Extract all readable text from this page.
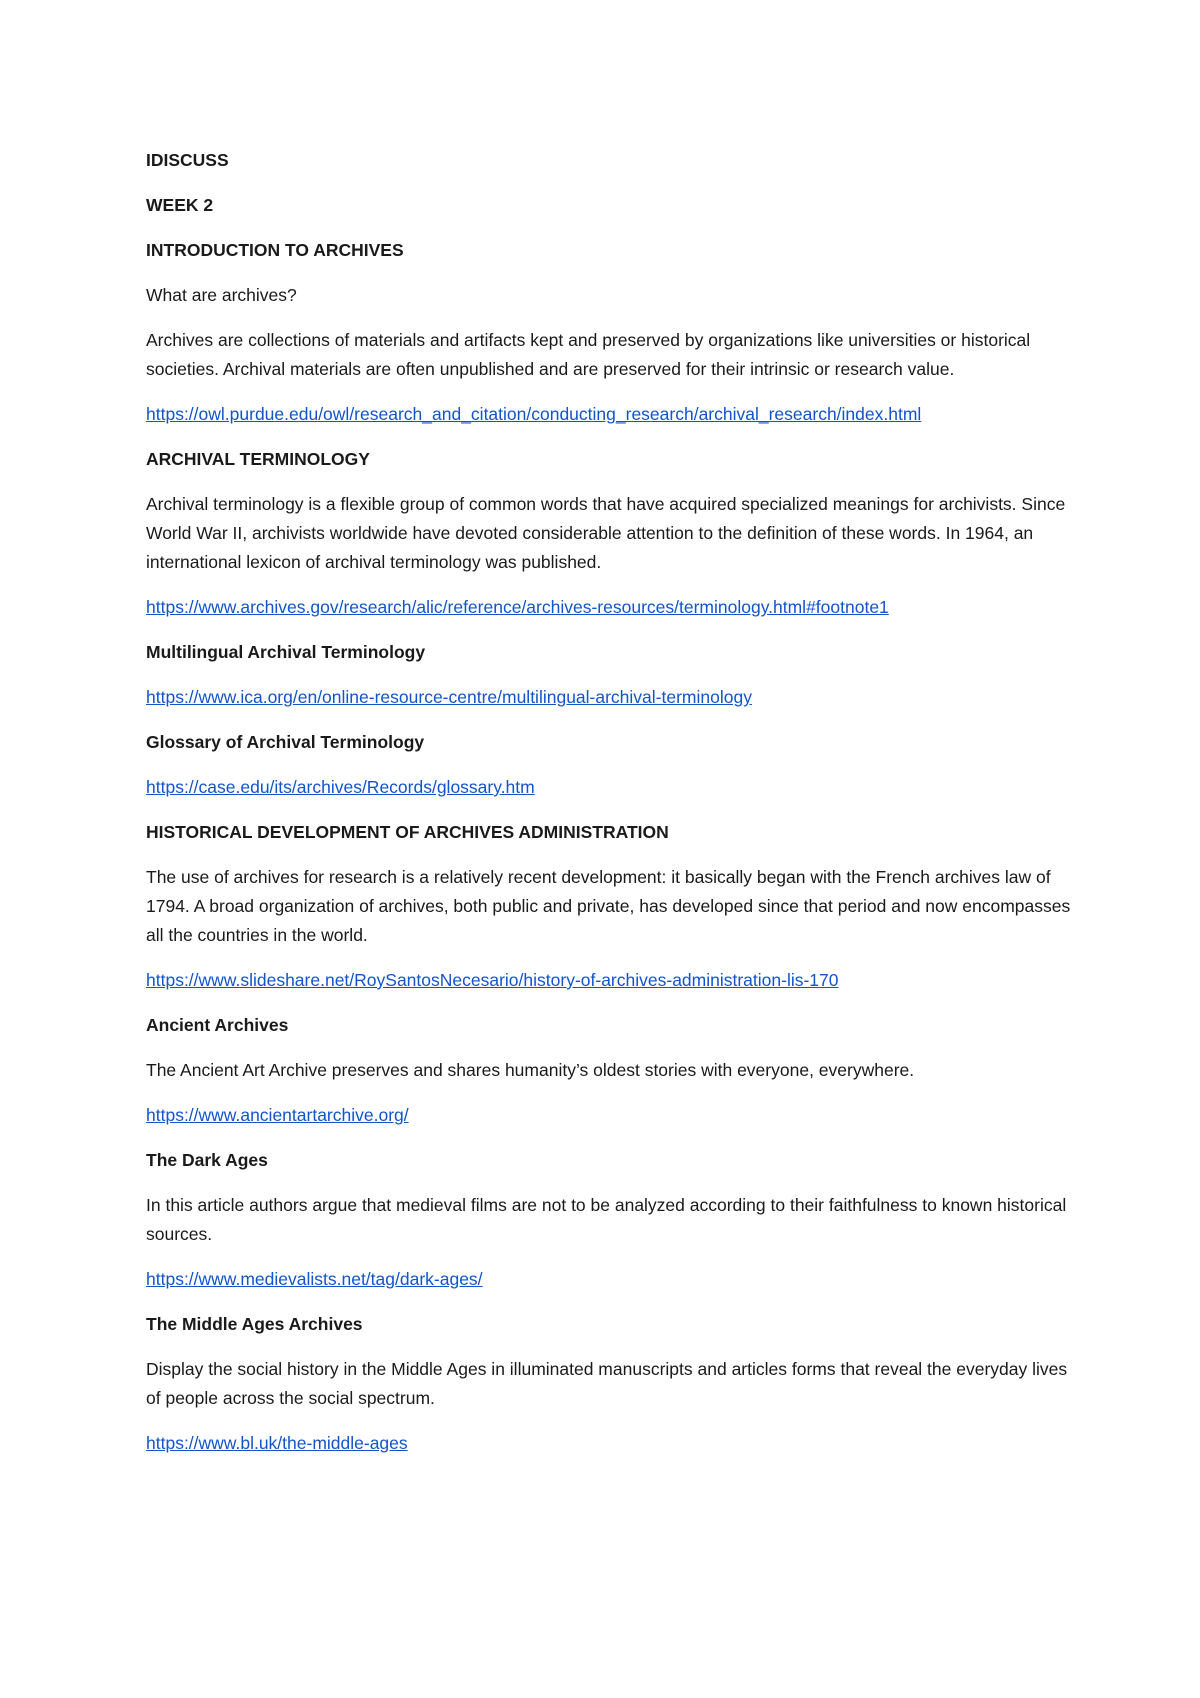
IDISCUSS

WEEK 2

INTRODUCTION TO ARCHIVES

What are archives?

Archives are collections of materials and artifacts kept and preserved by organizations like universities or historical societies. Archival materials are often unpublished and are preserved for their intrinsic or research value.

https://owl.purdue.edu/owl/research_and_citation/conducting_research/archival_research/index.html

ARCHIVAL TERMINOLOGY

Archival terminology is a flexible group of common words that have acquired specialized meanings for archivists. Since World War II, archivists worldwide have devoted considerable attention to the definition of these words. In 1964, an international lexicon of archival terminology was published.

https://www.archives.gov/research/alic/reference/archives-resources/terminology.html#footnote1

Multilingual Archival Terminology

https://www.ica.org/en/online-resource-centre/multilingual-archival-terminology

Glossary of Archival Terminology

https://case.edu/its/archives/Records/glossary.htm

HISTORICAL DEVELOPMENT OF ARCHIVES ADMINISTRATION

The use of archives for research is a relatively recent development: it basically began with the French archives law of 1794. A broad organization of archives, both public and private, has developed since that period and now encompasses all the countries in the world.

https://www.slideshare.net/RoySantosNecesario/history-of-archives-administration-lis-170

Ancient Archives

The Ancient Art Archive preserves and shares humanity’s oldest stories with everyone, everywhere.

https://www.ancientartarchive.org/

The Dark Ages

In this article authors argue that medieval films are not to be analyzed according to their faithfulness to known historical sources.

https://www.medievalists.net/tag/dark-ages/

The Middle Ages Archives

Display the social history in the Middle Ages in illuminated manuscripts and articles forms that reveal the everyday lives of people across the social spectrum.

https://www.bl.uk/the-middle-ages
